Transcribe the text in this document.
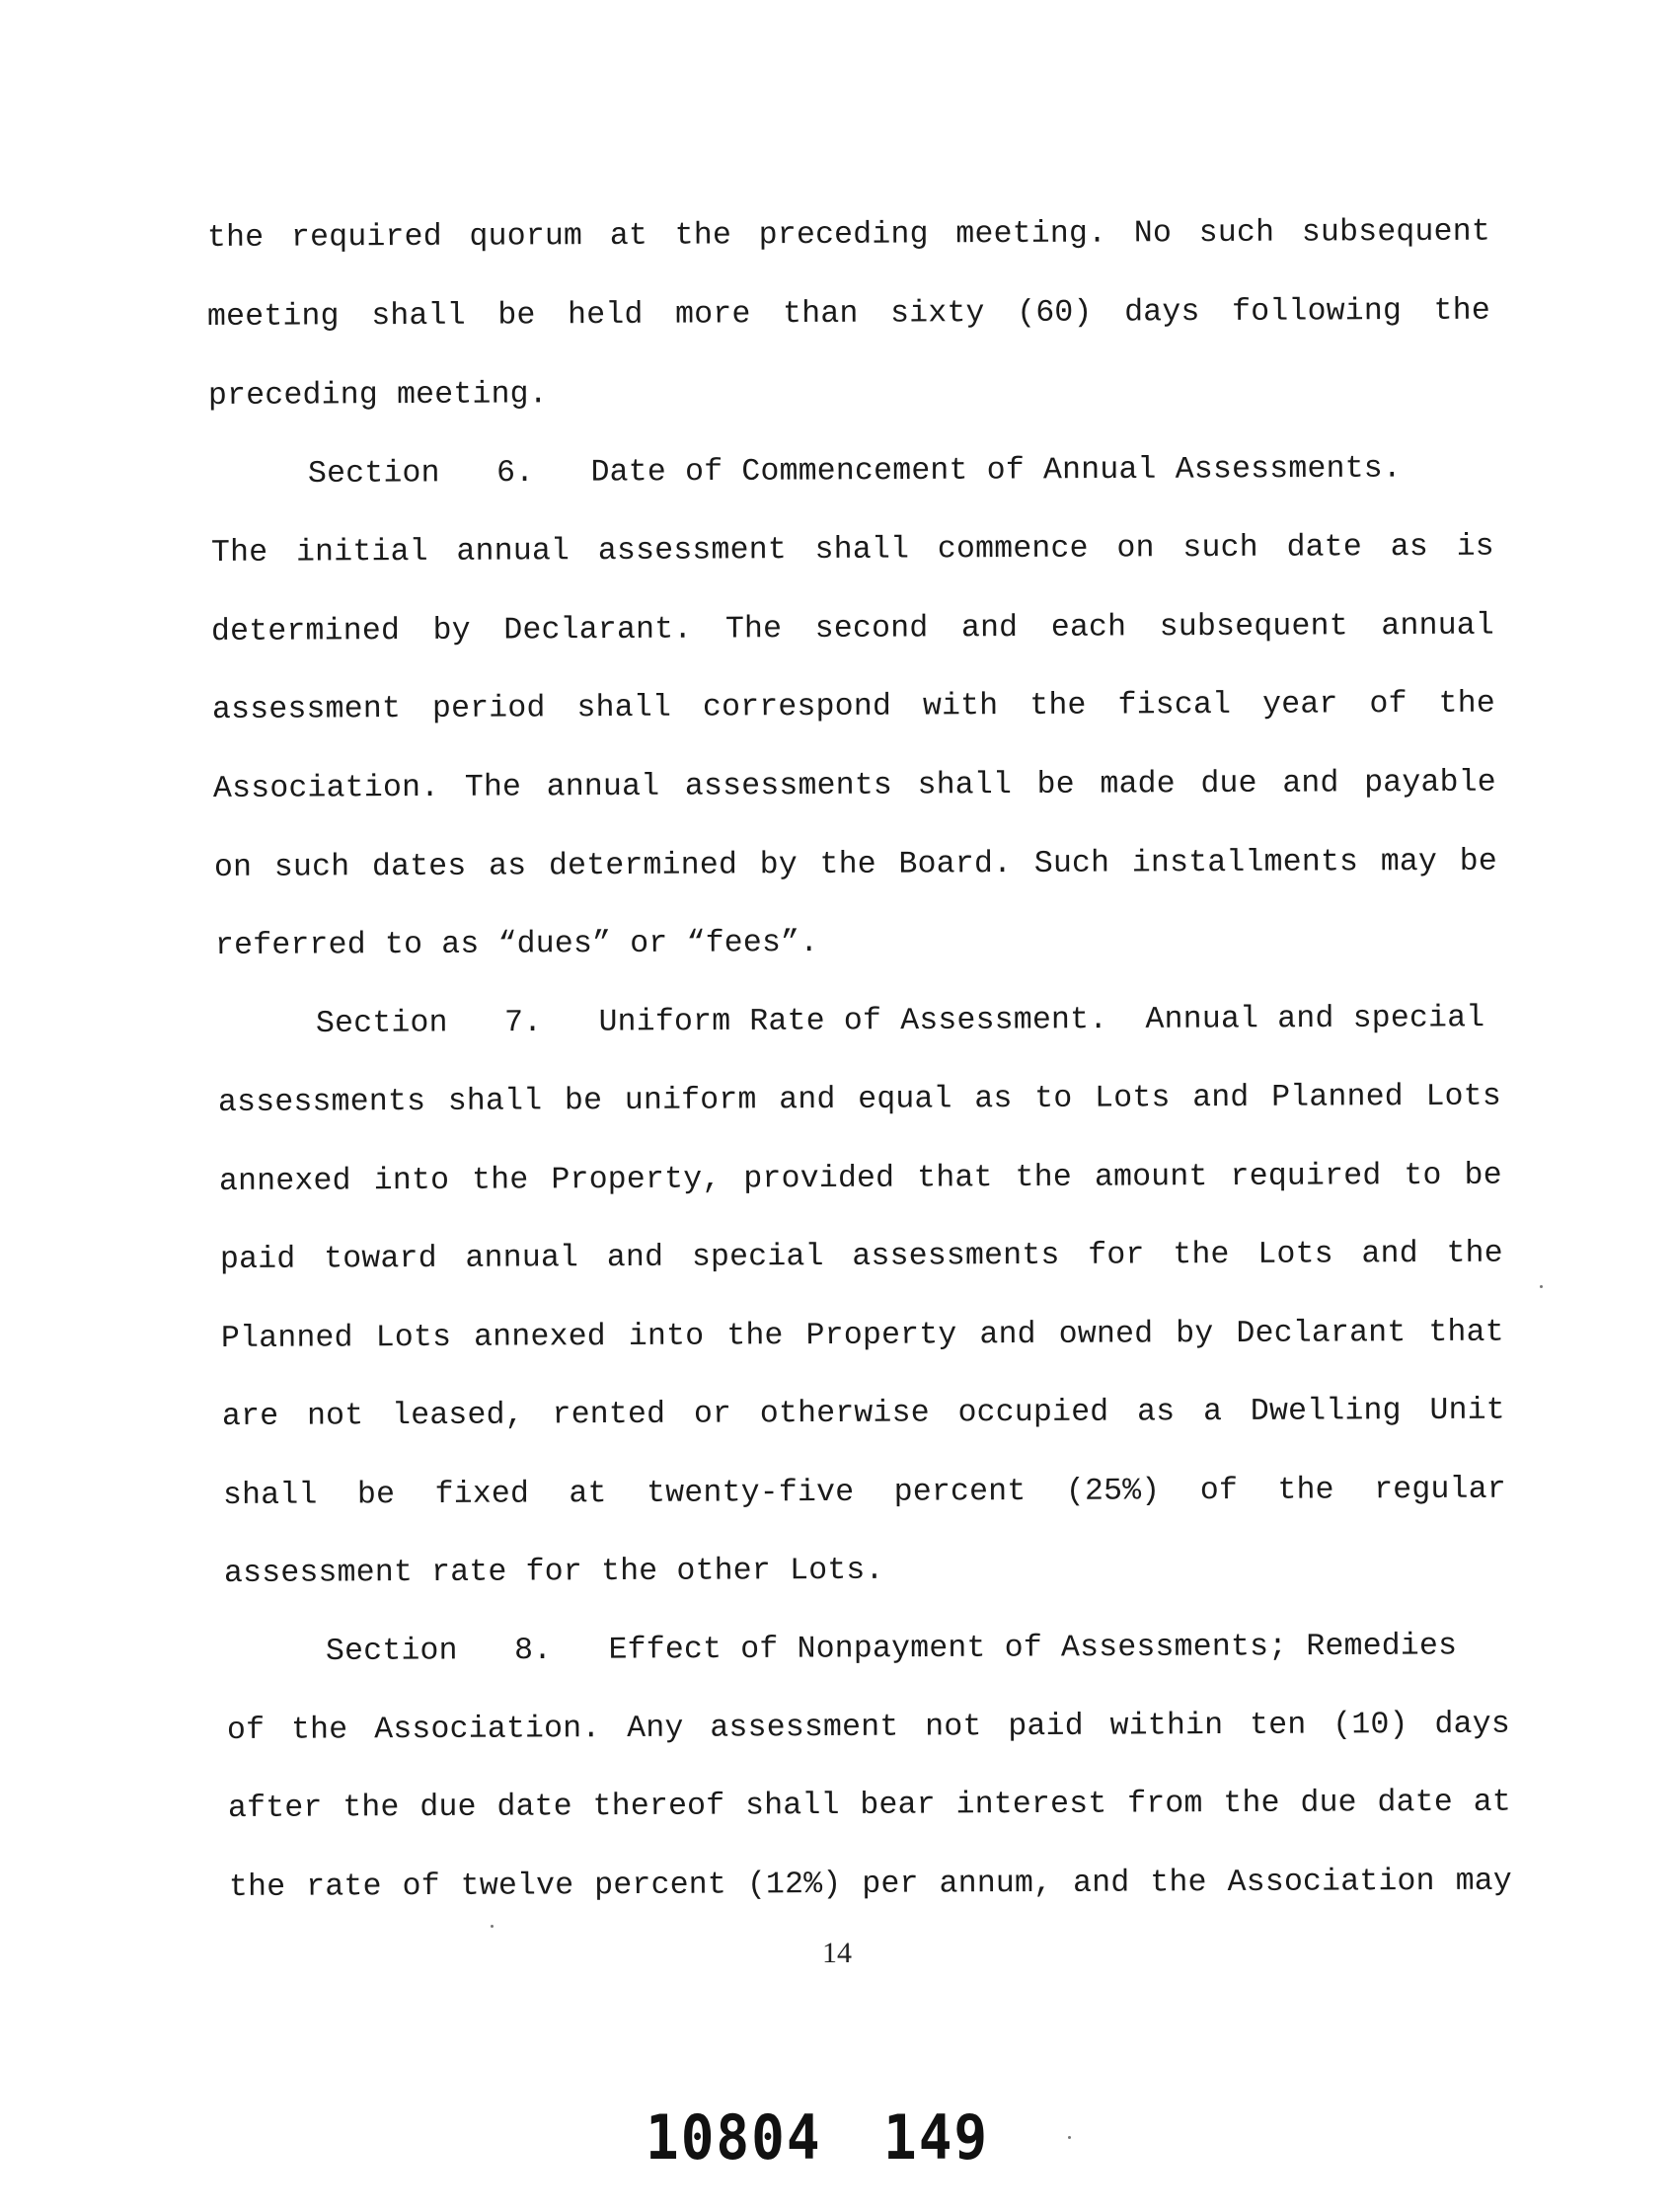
the required quorum at the preceding meeting. No such subsequent
meeting shall be held more than sixty (60) days following the
preceding meeting.
Section   6.   Date of Commencement of Annual Assessments.
The initial annual assessment shall commence on such date as is
determined by Declarant. The second and each subsequent annual
assessment period shall correspond with the fiscal year of the
Association. The annual assessments shall be made due and payable
on such dates as determined by the Board. Such installments may be
referred to as “dues” or “fees”.
Section   7.   Uniform Rate of Assessment.  Annual and special
assessments shall be uniform and equal as to Lots and Planned Lots
annexed into the Property, provided that the amount required to be
paid toward annual and special assessments for the Lots and the
Planned Lots annexed into the Property and owned by Declarant that
are not leased, rented or otherwise occupied as a Dwelling Unit
shall be fixed at twenty-five percent (25%) of the regular
assessment rate for the other Lots.
Section   8.   Effect of Nonpayment of Assessments; Remedies
of the Association. Any assessment not paid within ten (10) days
after the due date thereof shall bear interest from the due date at
the rate of twelve percent (12%) per annum, and the Association may
14
10804 149
